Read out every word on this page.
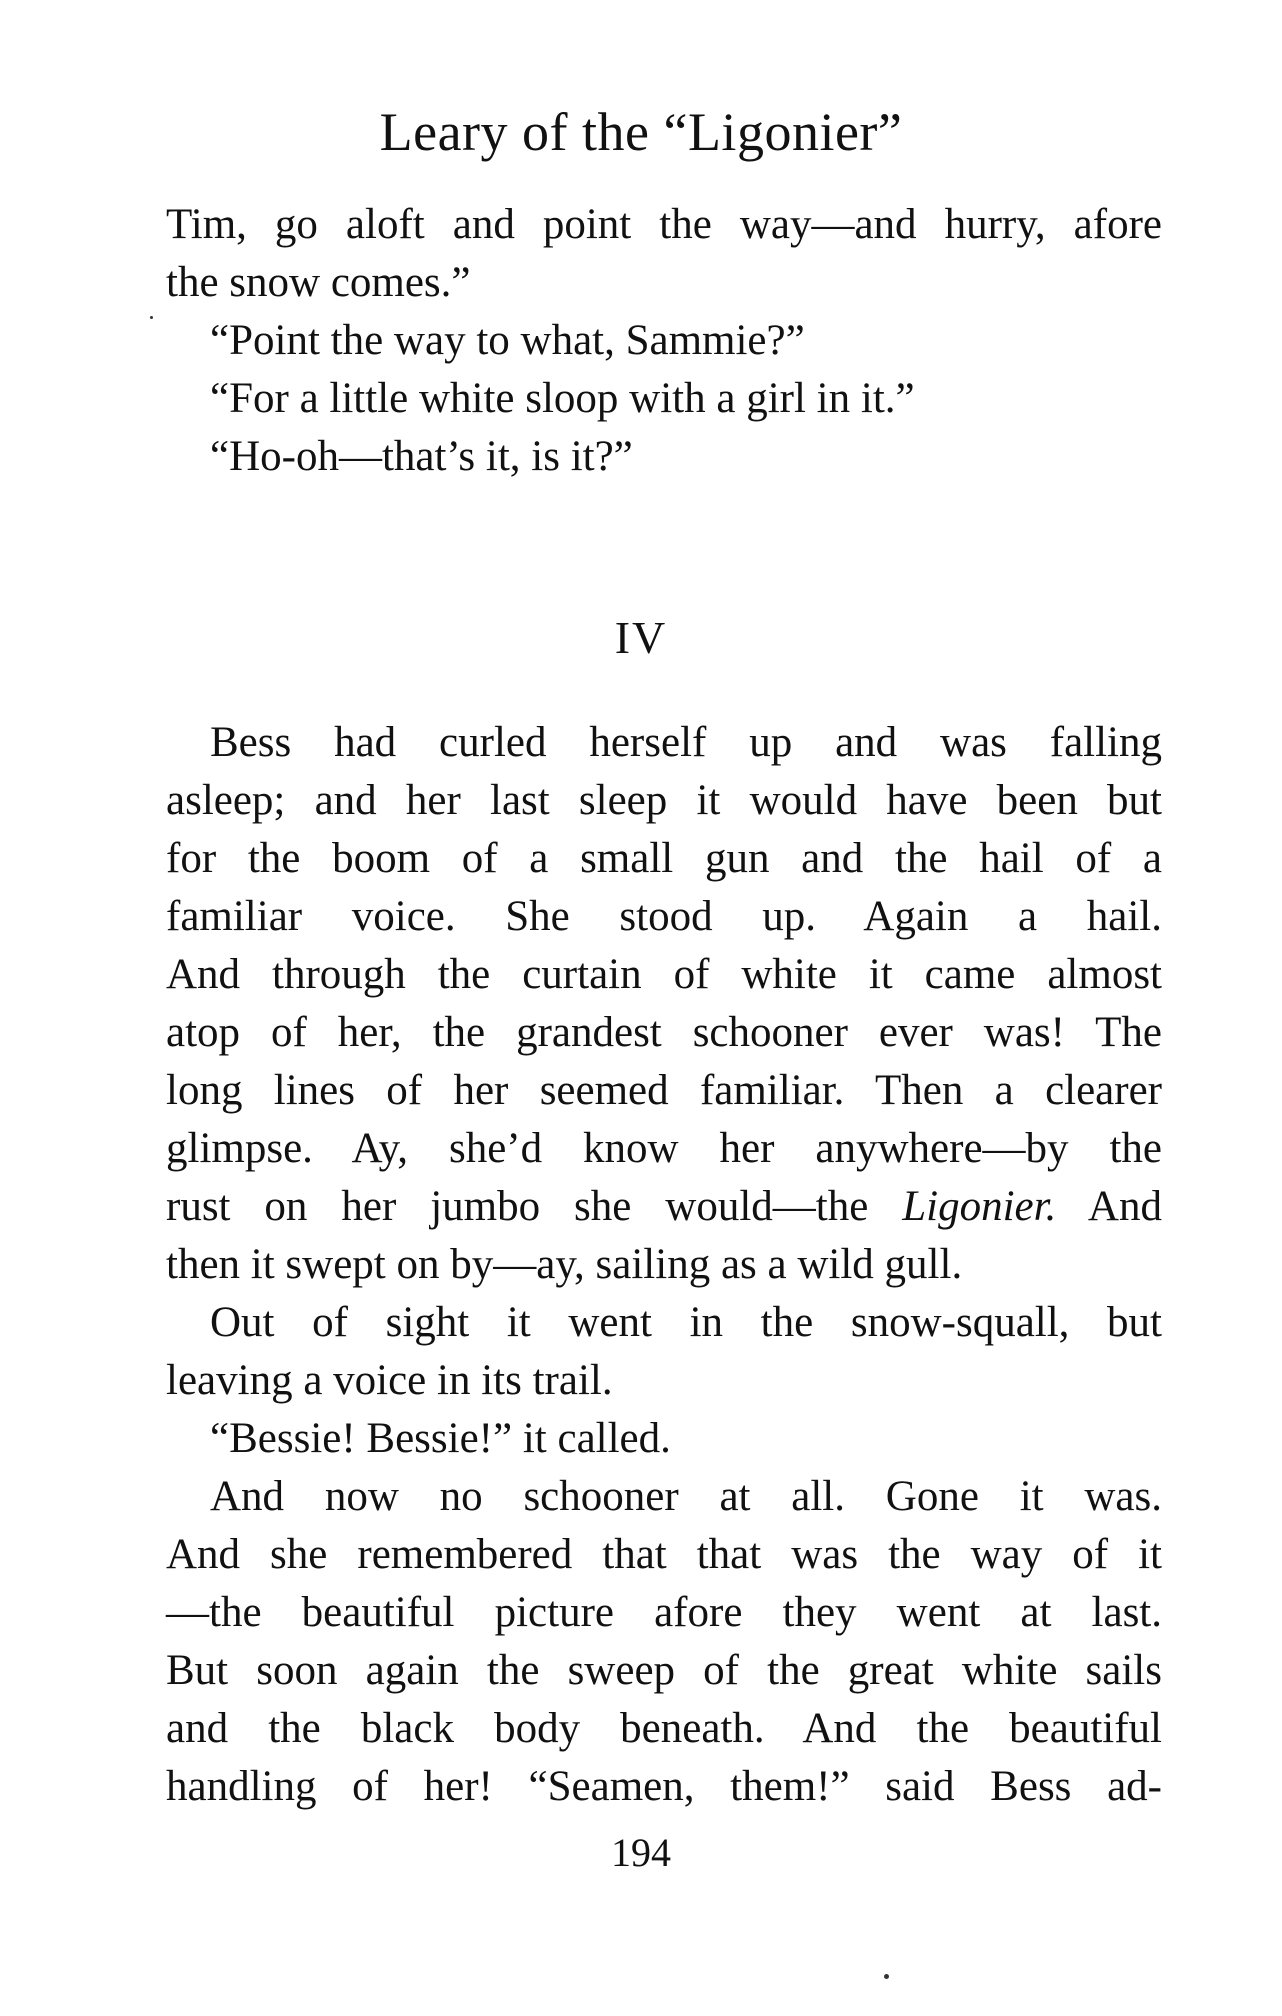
Leary of the “Ligonier”
Tim, go aloft and point the way—and hurry, afore
the snow comes.”
“Point the way to what, Sammie?”
“For a little white sloop with a girl in it.”
“Ho-oh—that’s it, is it?”
IV
Bess had curled herself up and was falling
asleep; and her last sleep it would have been but
for the boom of a small gun and the hail of a
familiar voice. She stood up. Again a hail.
And through the curtain of white it came almost
atop of her, the grandest schooner ever was! The
long lines of her seemed familiar. Then a clearer
glimpse. Ay, she’d know her anywhere—by the
rust on her jumbo she would—the Ligonier. And
then it swept on by—ay, sailing as a wild gull.
Out of sight it went in the snow-squall, but
leaving a voice in its trail.
“Bessie! Bessie!” it called.
And now no schooner at all. Gone it was.
And she remembered that that was the way of it
—the beautiful picture afore they went at last.
But soon again the sweep of the great white sails
and the black body beneath. And the beautiful
handling of her! “Seamen, them!” said Bess ad-
194
